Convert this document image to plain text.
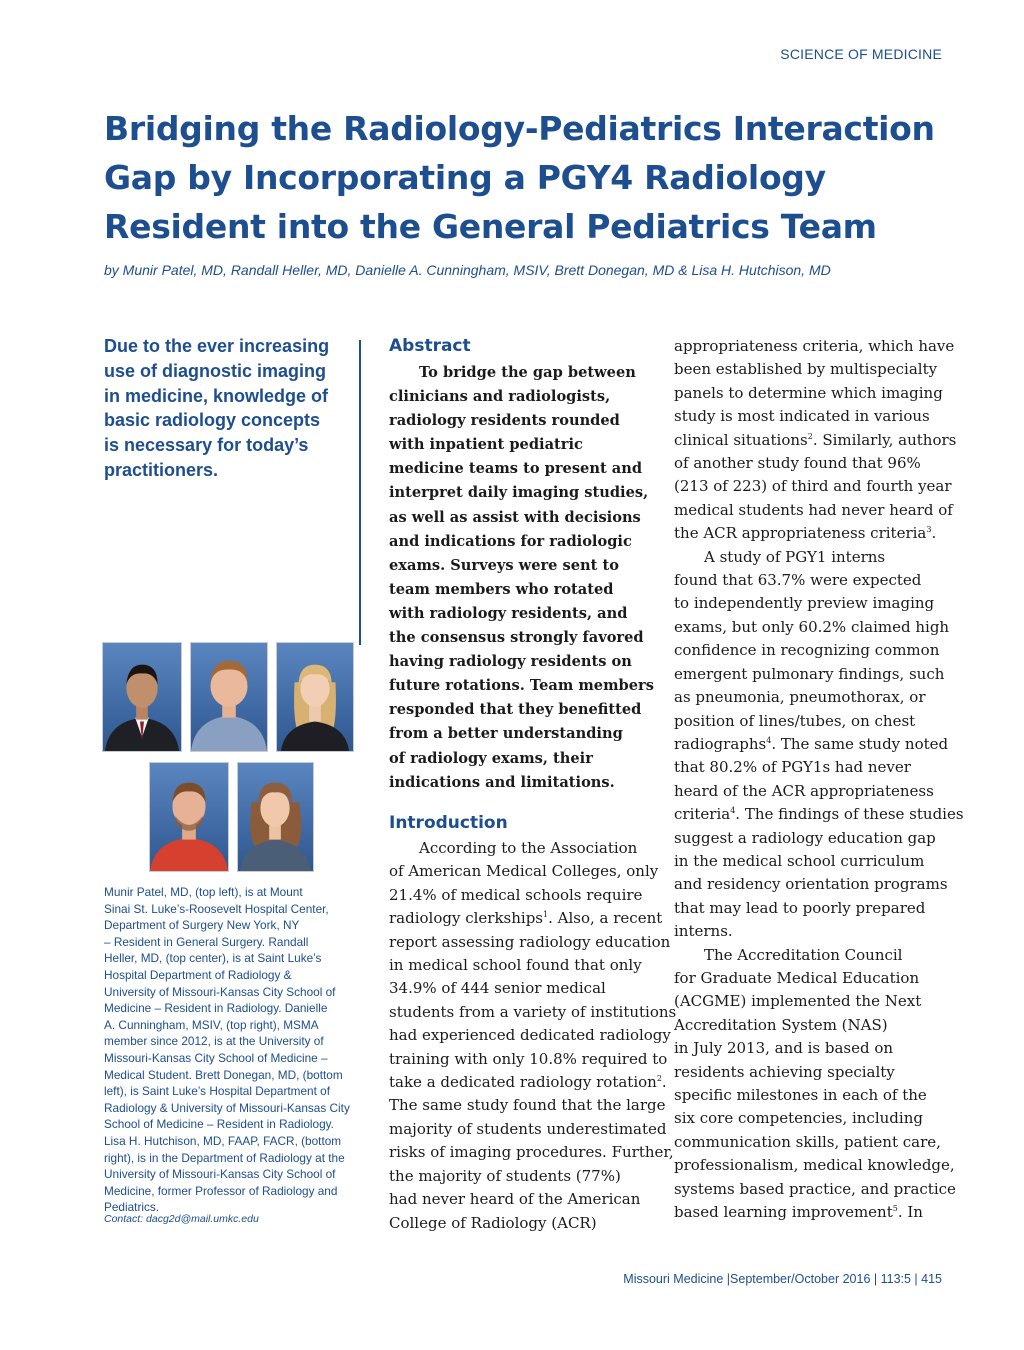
SCIENCE OF MEDICINE
Bridging the Radiology-Pediatrics Interaction
Gap by Incorporating a PGY4 Radiology
Resident into the General Pediatrics Team
by Munir Patel, MD, Randall Heller, MD, Danielle A. Cunningham, MSIV, Brett Donegan, MD & Lisa H. Hutchison, MD
Due to the ever increasing
use of diagnostic imaging
in medicine, knowledge of
basic radiology concepts
is necessary for today’s
practitioners.
Munir Patel, MD, (top left), is at Mount
Sinai St. Luke’s-Roosevelt Hospital Center,
Department of Surgery New York, NY
– Resident in General Surgery. Randall
Heller, MD, (top center), is at Saint Luke’s
Hospital Department of Radiology &
University of Missouri-Kansas City School of
Medicine – Resident in Radiology. Danielle
A. Cunningham, MSIV, (top right), MSMA
member since 2012, is at the University of
Missouri-Kansas City School of Medicine –
Medical Student. Brett Donegan, MD, (bottom
left), is Saint Luke’s Hospital Department of
Radiology & University of Missouri-Kansas City
School of Medicine – Resident in Radiology.
Lisa H. Hutchison, MD, FAAP, FACR, (bottom
right), is in the Department of Radiology at the
University of Missouri-Kansas City School of
Medicine, former Professor of Radiology and
Pediatrics.
Contact: dacg2d@mail.umkc.edu
Abstract
To bridge the gap between
clinicians and radiologists,
radiology residents rounded
with inpatient pediatric
medicine teams to present and
interpret daily imaging studies,
as well as assist with decisions
and indications for radiologic
exams. Surveys were sent to
team members who rotated
with radiology residents, and
the consensus strongly favored
having radiology residents on
future rotations. Team members
responded that they benefitted
from a better understanding
of radiology exams, their
indications and limitations.
Introduction
According to the Association
of American Medical Colleges, only
21.4% of medical schools require
radiology clerkships$^1$. Also, a recent
report assessing radiology education
in medical school found that only
34.9% of 444 senior medical
students from a variety of institutions
had experienced dedicated radiology
training with only 10.8% required to
take a dedicated radiology rotation$^2$.
The same study found that the large
majority of students underestimated
risks of imaging procedures. Further,
the majority of students (77%)
had never heard of the American
College of Radiology (ACR)
appropriateness criteria, which have
been established by multispecialty
panels to determine which imaging
study is most indicated in various
clinical situations$^2$. Similarly, authors
of another study found that 96%
(213 of 223) of third and fourth year
medical students had never heard of
the ACR appropriateness criteria$^3$.
A study of PGY1 interns
found that 63.7% were expected
to independently preview imaging
exams, but only 60.2% claimed high
confidence in recognizing common
emergent pulmonary findings, such
as pneumonia, pneumothorax, or
position of lines/tubes, on chest
radiographs$^4$. The same study noted
that 80.2% of PGY1s had never
heard of the ACR appropriateness
criteria$^4$. The findings of these studies
suggest a radiology education gap
in the medical school curriculum
and residency orientation programs
that may lead to poorly prepared
interns.
The Accreditation Council
for Graduate Medical Education
(ACGME) implemented the Next
Accreditation System (NAS)
in July 2013, and is based on
residents achieving specialty
specific milestones in each of the
six core competencies, including
communication skills, patient care,
professionalism, medical knowledge,
systems based practice, and practice
based learning improvement$^5$. In
Missouri Medicine |September/October 2016 | 113:5 | 415
